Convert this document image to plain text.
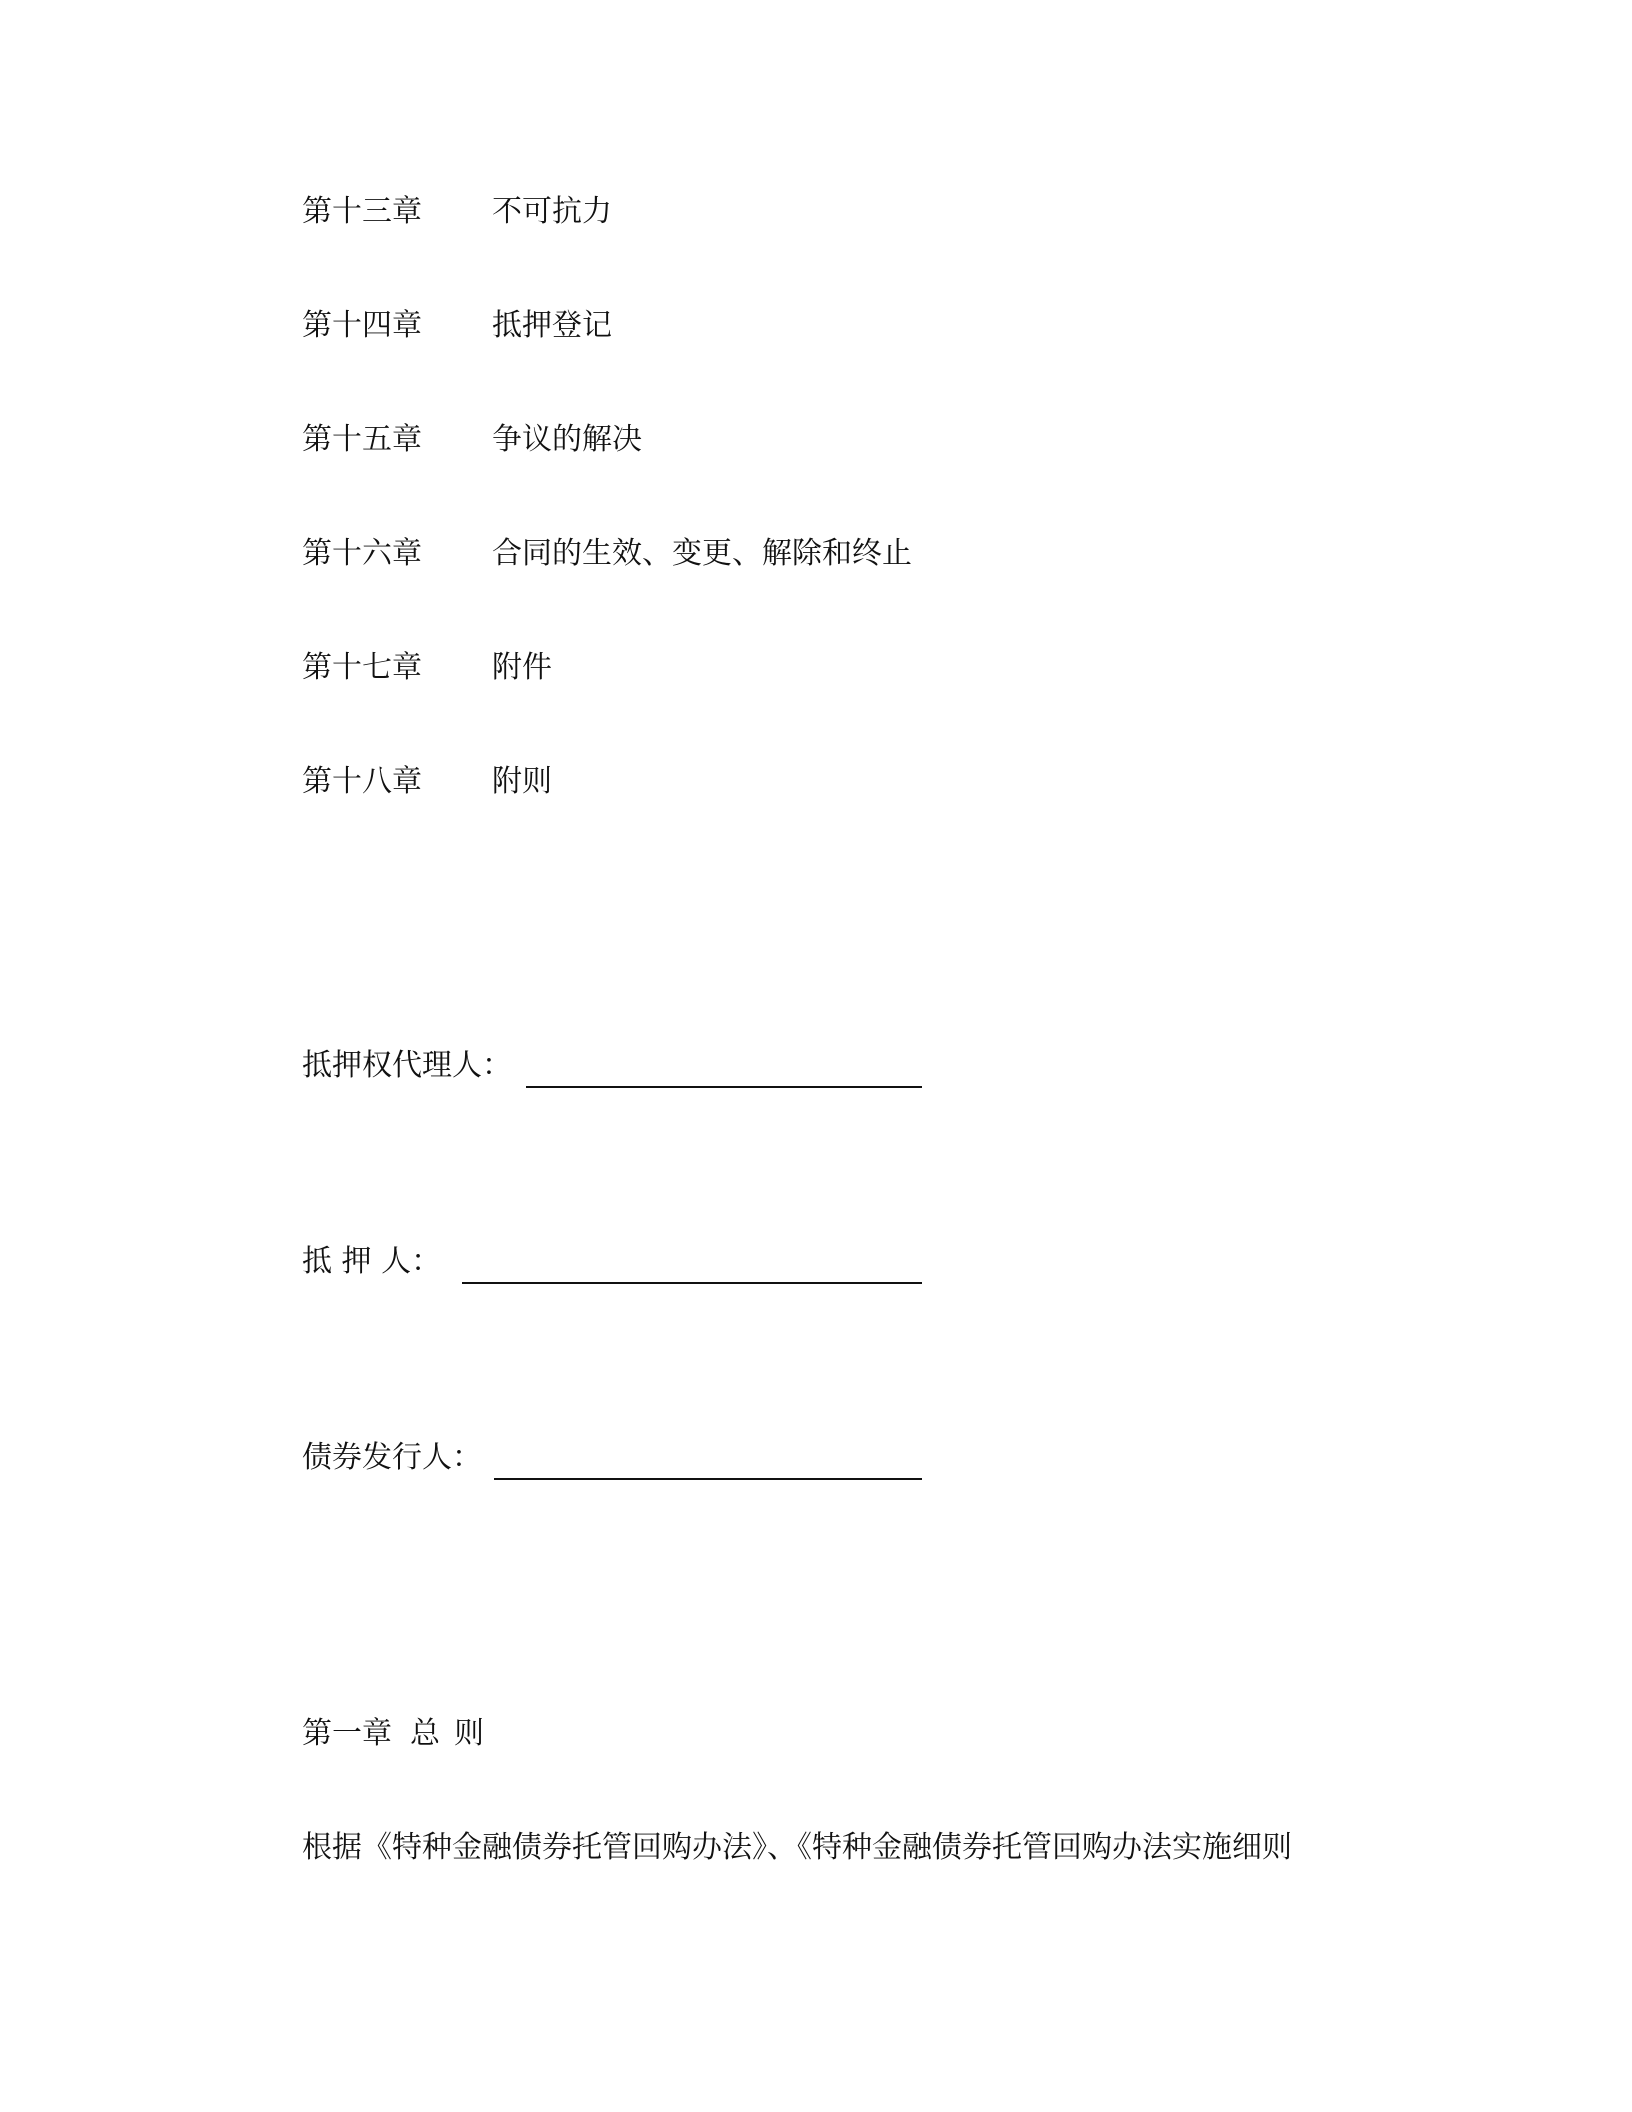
第十三章 不可抗力
第十四章 抵押登记
第十五章 争议的解决
第十六章 合同的生效、变更、解除和终止
第十七章 附件
第十八章 附则
抵押权代理人：
抵 押 人：
债券发行人：
第一章 总则
根据《特种金融债券托管回购办法》、《特种金融债券托管回购办法实施细则
